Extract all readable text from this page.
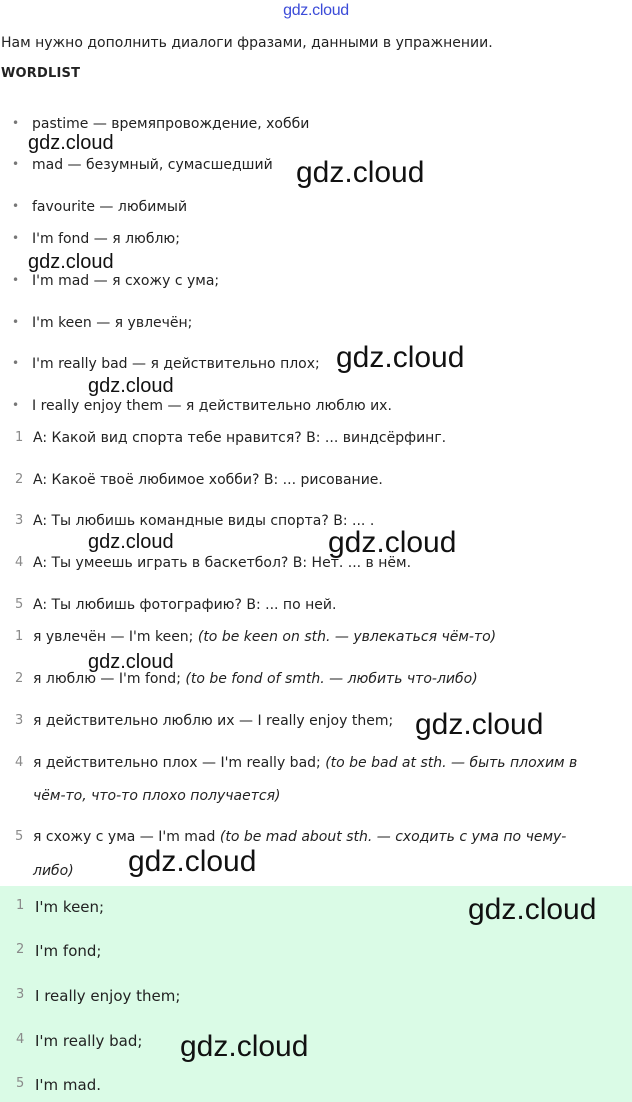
gdz.cloud
Нам нужно дополнить диалоги фразами, данными в упражнении.
WORDLIST
• pastime — времяпровождение, хобби
• mad — безумный, сумасшедший
• favourite — любимый
• I'm fond — я люблю;
• I'm mad — я схожу с ума;
• I'm keen — я увлечён;
• I'm really bad — я действительно плох;
• I really enjoy them — я действительно люблю их.
1 A: Какой вид спорта тебе нравится? B: ... виндсёрфинг.
2 A: Какоё твоё любимое хобби? B: ... рисование.
3 A: Ты любишь командные виды спорта? B: ... .
4 A: Ты умеешь играть в баскетбол? B: Нет. ... в нём.
5 A: Ты любишь фотографию? B: ... по ней.
1 я увлечён — I'm keen; (to be keen on sth. — увлекаться чём-то)
2 я люблю — I'm fond; (to be fond of smth. — любить что-либо)
3 я действительно люблю их — I really enjoy them;
4 я действительно плох — I'm really bad; (to be bad at sth. — быть плохим в
чём-то, что-то плохо получается)
5 я схожу с ума — I'm mad (to be mad about sth. — сходить с ума по чему-
либо)
1 I'm keen;
2 I'm fond;
3 I really enjoy them;
4 I'm really bad;
5 I'm mad.
gdz.cloud
gdz.cloud
gdz.cloud
gdz.cloud
gdz.cloud
gdz.cloud	gdz.cloud
gdz.cloud
gdz.cloud
gdz.cloud
gdz.cloud
gdz.cloud
